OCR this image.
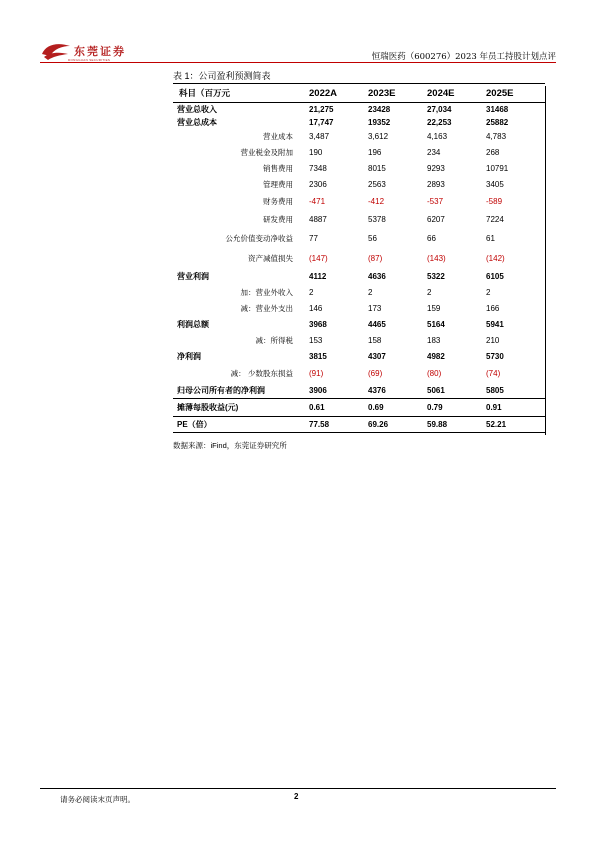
东莞证券
DONGGUAN SECURITIES	恒瑞医药（600276）2023 年员工持股计划点评
表 1：公司盈利预测简表
科目（百万元	2022A	2023E	2024E	2025E
营业总收入	21,275	23428	27,034	31468
营业总成本	17,747	19352	22,253	25882
营业成本	3,487	3,612	4,163	4,783
营业税金及附加	190	196	234	268
销售费用	7348	8015	9293	10791
管理费用	2306	2563	2893	3405
财务费用	-471	-412	-537	-589
研发费用	4887	5378	6207	7224
公允价值变动净收益	77	56	66	61
资产减值损失	(147)	(87)	(143)	(142)
营业利润	4112	4636	5322	6105
加：营业外收入	2	2	2	2
减：营业外支出	146	173	159	166
利润总额	3968	4465	5164	5941
减：所得税	153	158	183	210
净利润	3815	4307	4982	5730
减： 少数股东损益	(91)	(69)	(80)	(74)
归母公司所有者的净利润	3906	4376	5061	5805
摊薄每股收益(元)	0.61	0.69	0.79	0.91
PE（倍）	77.58	69.26	59.88	52.21
数据来源：iFind，东莞证券研究所
请务必阅读末页声明。	2
